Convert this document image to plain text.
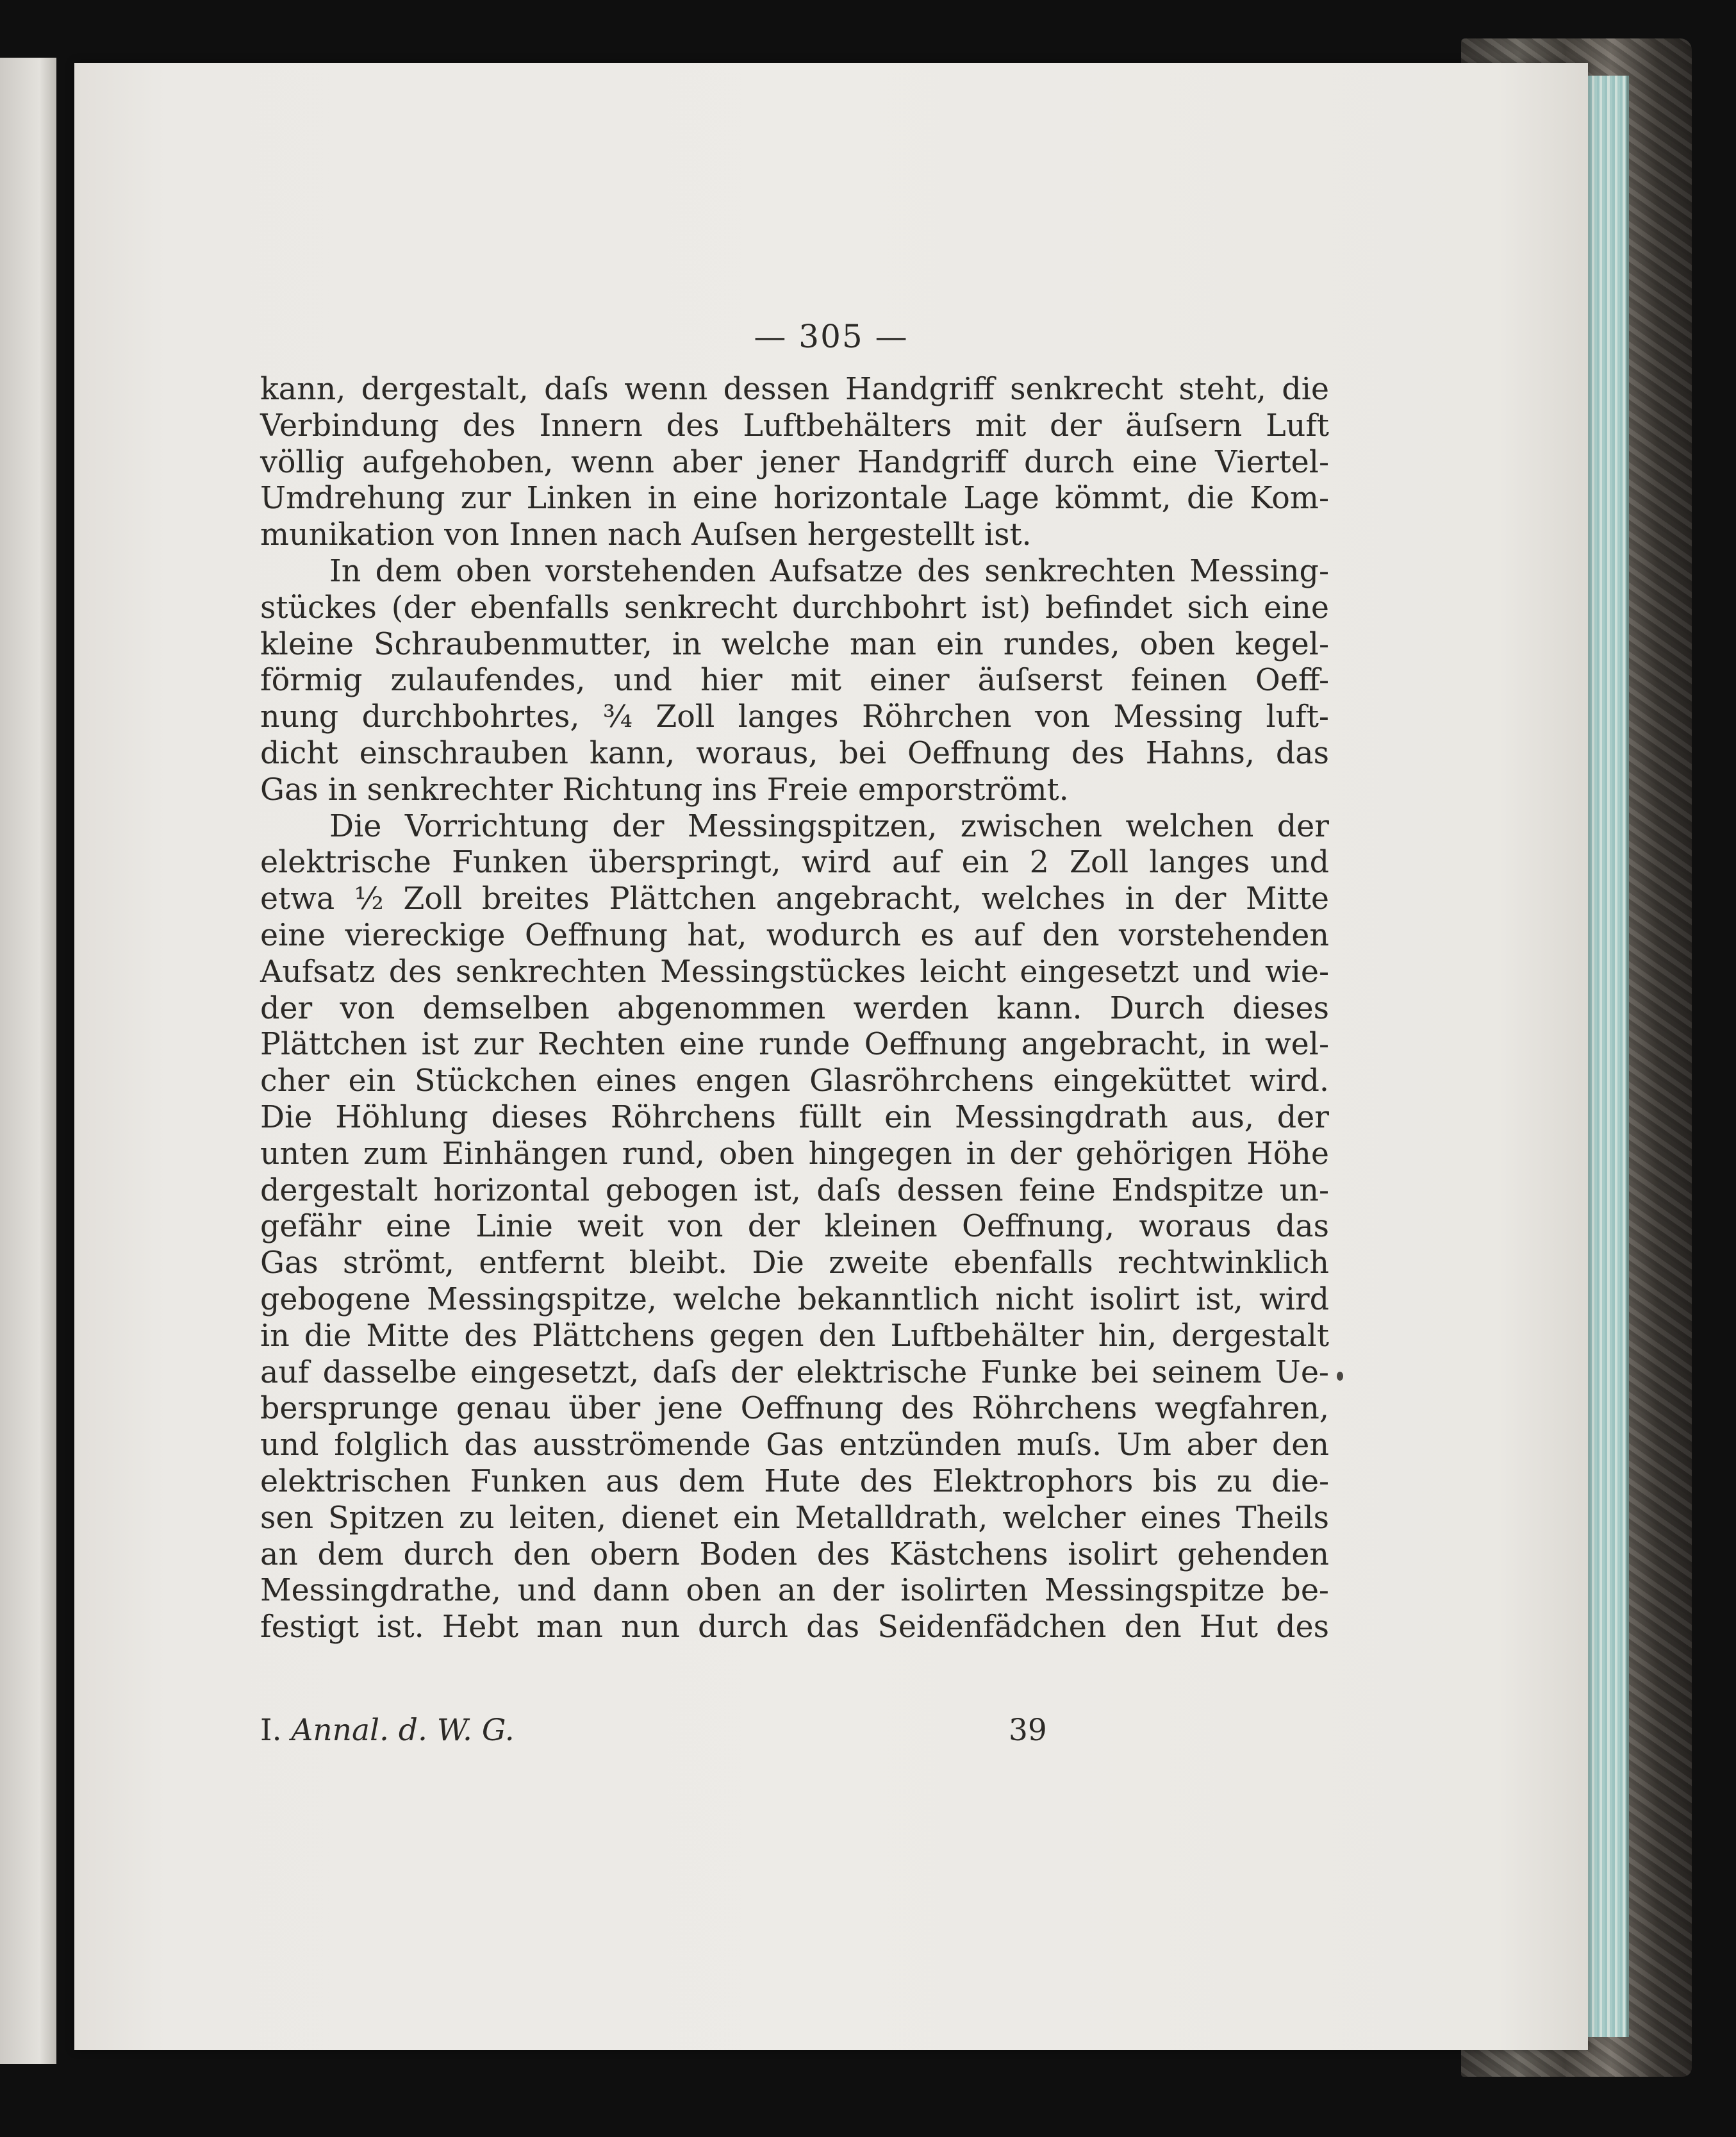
— 305 —

kann, dergestalt, daſs wenn dessen Handgriff senkrecht steht, die
Verbindung des Innern des Luftbehälters mit der äuſsern Luft
völlig aufgehoben, wenn aber jener Handgriff durch eine Viertel-
Umdrehung zur Linken in eine horizontale Lage kömmt, die Kom-

munikation von Innen nach Auſsen hergestellt ist.

In dem oben vorstehenden Aufsatze des senkrechten Messing-
stückes (der ebenfalls senkrecht durchbohrt ist) befindet sich eine
kleine Schraubenmutter, in welche man ein rundes, oben kegel-
förmig zulaufendes, und hier mit einer äuſserst feinen Oeff-
nung durchbohrtes, ¾ Zoll langes Röhrchen von Messing luft-
dicht einschrauben kann, woraus, bei Oeffnung des Hahns, das

Gas in senkrechter Richtung ins Freie emporströmt.

Die Vorrichtung der Messingspitzen, zwischen welchen der
elektrische Funken überspringt, wird auf ein 2 Zoll langes und
etwa ½ Zoll breites Plättchen angebracht, welches in der Mitte
eine viereckige Oeffnung hat, wodurch es auf den vorstehenden
Aufsatz des senkrechten Messingstückes leicht eingesetzt und wie-
der von demselben abgenommen werden kann. Durch dieses
Plättchen ist zur Rechten eine runde Oeffnung angebracht, in wel-
cher ein Stückchen eines engen Glasröhrchens eingeküttet wird.
Die Höhlung dieses Röhrchens füllt ein Messingdrath aus, der
unten zum Einhängen rund, oben hingegen in der gehörigen Höhe
dergestalt horizontal gebogen ist, daſs dessen feine Endspitze un-
gefähr eine Linie weit von der kleinen Oeffnung, woraus das
Gas strömt, entfernt bleibt. Die zweite ebenfalls rechtwinklich
gebogene Messingspitze, welche bekanntlich nicht isolirt ist, wird
in die Mitte des Plättchens gegen den Luftbehälter hin, dergestalt
auf dasselbe eingesetzt, daſs der elektrische Funke bei seinem Ue-
bersprunge genau über jene Oeffnung des Röhrchens wegfahren,
und folglich das ausströmende Gas entzünden muſs. Um aber den
elektrischen Funken aus dem Hute des Elektrophors bis zu die-
sen Spitzen zu leiten, dienet ein Metalldrath, welcher eines Theils
an dem durch den obern Boden des Kästchens isolirt gehenden
Messingdrathe, und dann oben an der isolirten Messingspitze be-
festigt ist. Hebt man nun durch das Seidenfädchen den Hut des

I. Annal. d. W. G.	39
